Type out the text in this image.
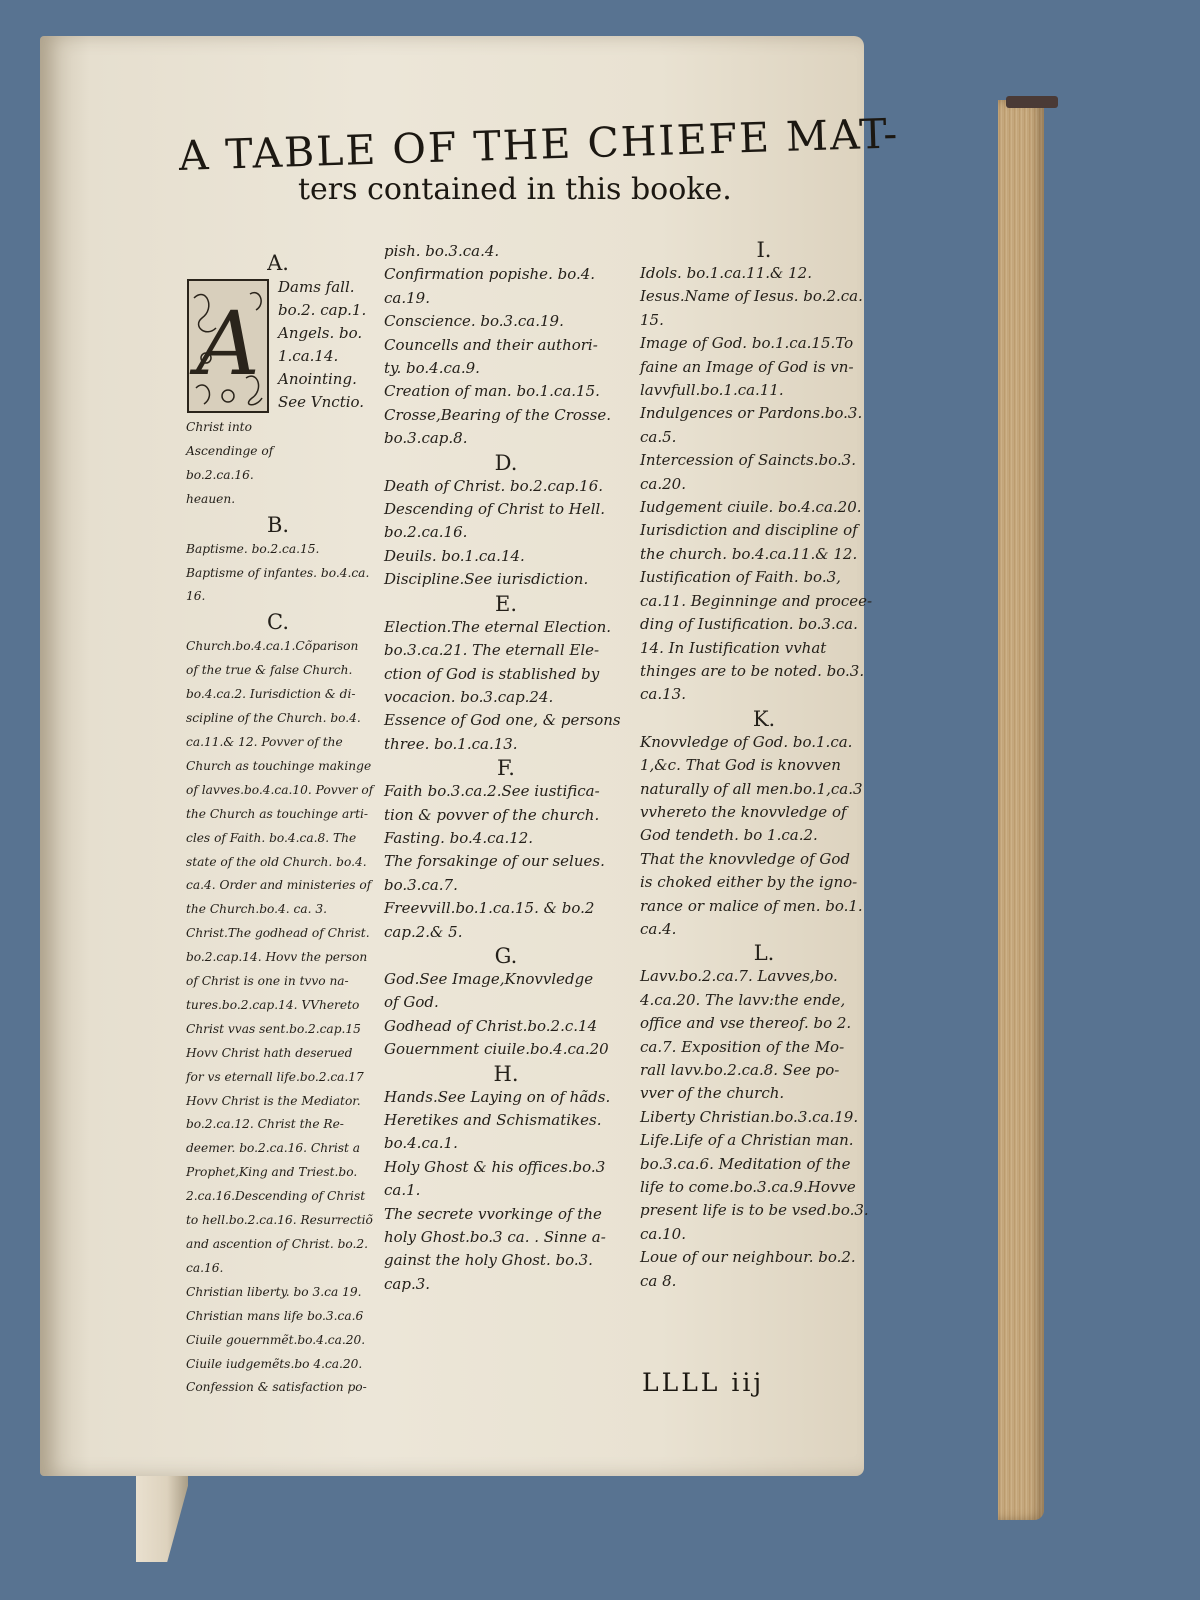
A TABLE OF THE CHIEFE MAT-
ters contained in this booke.
A.
A
Dams fall.
bo.2. cap.1.
Angels. bo.
1.ca.14.
Anointing.
See Vnctio.
Christ into
Ascendinge of
bo.2.ca.16.
heauen.
B.
Baptisme. bo.2.ca.15.
Baptisme of infantes. bo.4.ca.
16.
C.
Church.bo.4.ca.1.Cõparison
of the true & false Church.
bo.4.ca.2. Iurisdiction & di-
scipline of the Church. bo.4.
ca.11.& 12. Povver of the
Church as touchinge makinge
of lavves.bo.4.ca.10. Povver of
the Church as touchinge arti-
cles of Faith. bo.4.ca.8. The
state of the old Church. bo.4.
ca.4. Order and ministeries of
the Church.bo.4. ca. 3.
Christ.The godhead of Christ.
bo.2.cap.14. Hovv the person
of Christ is one in tvvo na-
tures.bo.2.cap.14. VVhereto
Christ vvas sent.bo.2.cap.15
Hovv Christ hath deserued
for vs eternall life.bo.2.ca.17
Hovv Christ is the Mediator.
bo.2.ca.12. Christ the Re-
deemer. bo.2.ca.16. Christ a
Prophet,King and Triest.bo.
2.ca.16.Descending of Christ
to hell.bo.2.ca.16. Resurrectiõ
and ascention of Christ. bo.2.
ca.16.
Christian liberty. bo 3.ca 19.
Christian mans life bo.3.ca.6
Ciuile gouernmẽt.bo.4.ca.20.
Ciuile iudgemẽts.bo 4.ca.20.
Confession & satisfaction po-
pish. bo.3.ca.4.
Confirmation popishe. bo.4.
ca.19.
Conscience. bo.3.ca.19.
Councells and their authori-
ty. bo.4.ca.9.
Creation of man. bo.1.ca.15.
Crosse,Bearing of the Crosse.
bo.3.cap.8.
D.
Death of Christ. bo.2.cap.16.
Descending of Christ to Hell.
bo.2.ca.16.
Deuils. bo.1.ca.14.
Discipline.See iurisdiction.
E.
Election.The eternal Election.
bo.3.ca.21. The eternall Ele-
ction of God is stablished by
vocacion. bo.3.cap.24.
Essence of God one, & persons
three. bo.1.ca.13.
F.
Faith bo.3.ca.2.See iustifica-
tion & povver of the church.
Fasting. bo.4.ca.12.
The forsakinge of our selues.
bo.3.ca.7.
Freevvill.bo.1.ca.15. & bo.2
cap.2.& 5.
G.
God.See Image,Knovvledge
of God.
Godhead of Christ.bo.2.c.14
Gouernment ciuile.bo.4.ca.20
H.
Hands.See Laying on of hãds.
Heretikes and Schismatikes.
bo.4.ca.1.
Holy Ghost & his offices.bo.3
ca.1.
The secrete vvorkinge of the
holy Ghost.bo.3 ca. . Sinne a-
gainst the holy Ghost. bo.3.
cap.3.
I.
Idols. bo.1.ca.11.& 12.
Iesus.Name of Iesus. bo.2.ca.
15.
Image of God. bo.1.ca.15.To
faine an Image of God is vn-
lavvfull.bo.1.ca.11.
Indulgences or Pardons.bo.3.
ca.5.
Intercession of Saincts.bo.3.
ca.20.
Iudgement ciuile. bo.4.ca.20.
Iurisdiction and discipline of
the church. bo.4.ca.11.& 12.
Iustification of Faith. bo.3,
ca.11. Beginninge and procee-
ding of Iustification. bo.3.ca.
14. In Iustification vvhat
thinges are to be noted. bo.3.
ca.13.
K.
Knovvledge of God. bo.1.ca.
1,&c. That God is knovven
naturally of all men.bo.1,ca.3
vvhereto the knovvledge of
God tendeth. bo 1.ca.2.
That the knovvledge of God
is choked either by the igno-
rance or malice of men. bo.1.
ca.4.
L.
Lavv.bo.2.ca.7. Lavves,bo.
4.ca.20. The lavv:the ende,
office and vse thereof. bo 2.
ca.7. Exposition of the Mo-
rall lavv.bo.2.ca.8. See po-
vver of the church.
Liberty Christian.bo.3.ca.19.
Life.Life of a Christian man.
bo.3.ca.6. Meditation of the
life to come.bo.3.ca.9.Hovve
present life is to be vsed.bo.3.
ca.10.
Loue of our neighbour. bo.2.
ca 8.
LLLL iij
